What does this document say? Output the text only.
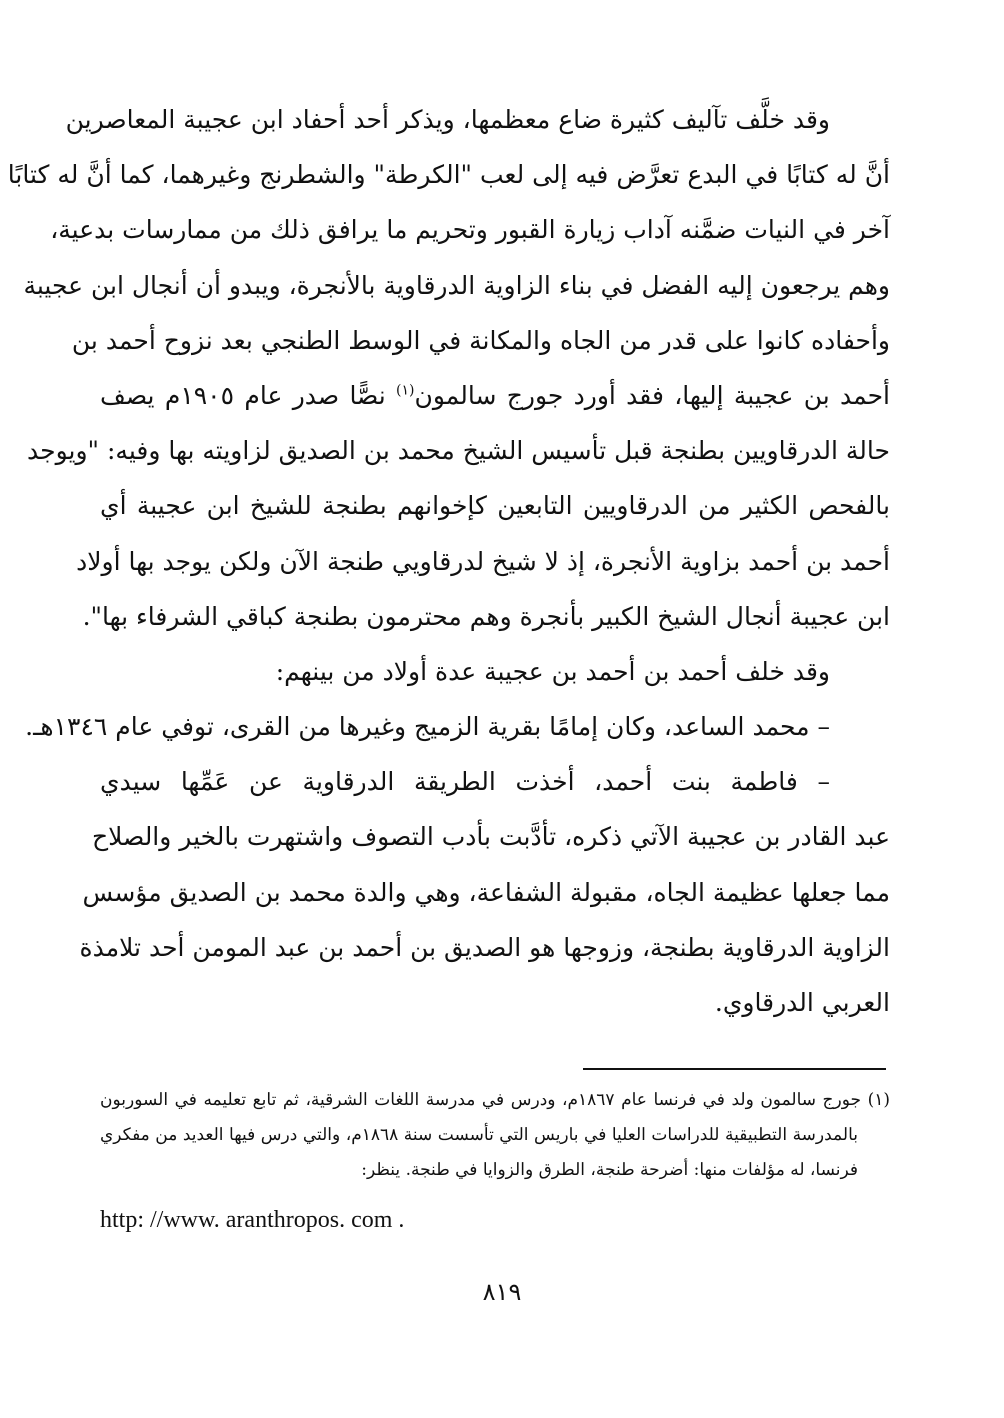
وقد خلَّف تآليف كثيرة ضاع معظمها، ويذكر أحد أحفاد ابن عجيبة المعاصرين
أنَّ له كتابًا في البدع تعرَّض فيه إلى لعب "الكرطة" والشطرنج وغيرهما، كما أنَّ له كتابًا
آخر في النيات ضمَّنه آداب زيارة القبور وتحريم ما يرافق ذلك من ممارسات بدعية،
وهم يرجعون إليه الفضل في بناء الزاوية الدرقاوية بالأنجرة، ويبدو أن أنجال ابن عجيبة
وأحفاده كانوا على قدر من الجاه والمكانة في الوسط الطنجي بعد نزوح أحمد بن
أحمد بن عجيبة إليها، فقد أورد جورج سالمون$^{(١)}$ نصًّا صدر عام ١٩٠٥م يصف
حالة الدرقاويين بطنجة قبل تأسيس الشيخ محمد بن الصديق لزاويته بها وفيه: "ويوجد
بالفحص الكثير من الدرقاويين التابعين كإخوانهم بطنجة للشيخ ابن عجيبة أي
أحمد بن أحمد بزاوية الأنجرة، إذ لا شيخ لدرقاويي طنجة الآن ولكن يوجد بها أولاد
ابن عجيبة أنجال الشيخ الكبير بأنجرة وهم محترمون بطنجة كباقي الشرفاء بها".
وقد خلف أحمد بن أحمد بن عجيبة عدة أولاد من بينهم:
– محمد الساعد، وكان إمامًا بقرية الزميج وغيرها من القرى، توفي عام ١٣٤٦هـ.
– فاطمة بنت أحمد، أخذت الطريقة الدرقاوية عن عَمِّها سيدي
عبد القادر بن عجيبة الآتي ذكره، تأدَّبت بأدب التصوف واشتهرت بالخير والصلاح
مما جعلها عظيمة الجاه، مقبولة الشفاعة، وهي والدة محمد بن الصديق مؤسس
الزاوية الدرقاوية بطنجة، وزوجها هو الصديق بن أحمد بن عبد المومن أحد تلامذة
العربي الدرقاوي.
(١) جورج سالمون ولد في فرنسا عام ١٨٦٧م، ودرس في مدرسة اللغات الشرقية، ثم تابع تعليمه في السوربون
بالمدرسة التطبيقية للدراسات العليا في باريس التي تأسست سنة ١٨٦٨م، والتي درس فيها العديد من مفكري
فرنسا، له مؤلفات منها: أضرحة طنجة، الطرق والزوايا في طنجة. ينظر:
http: //www. aranthropos. com .
٨١٩
